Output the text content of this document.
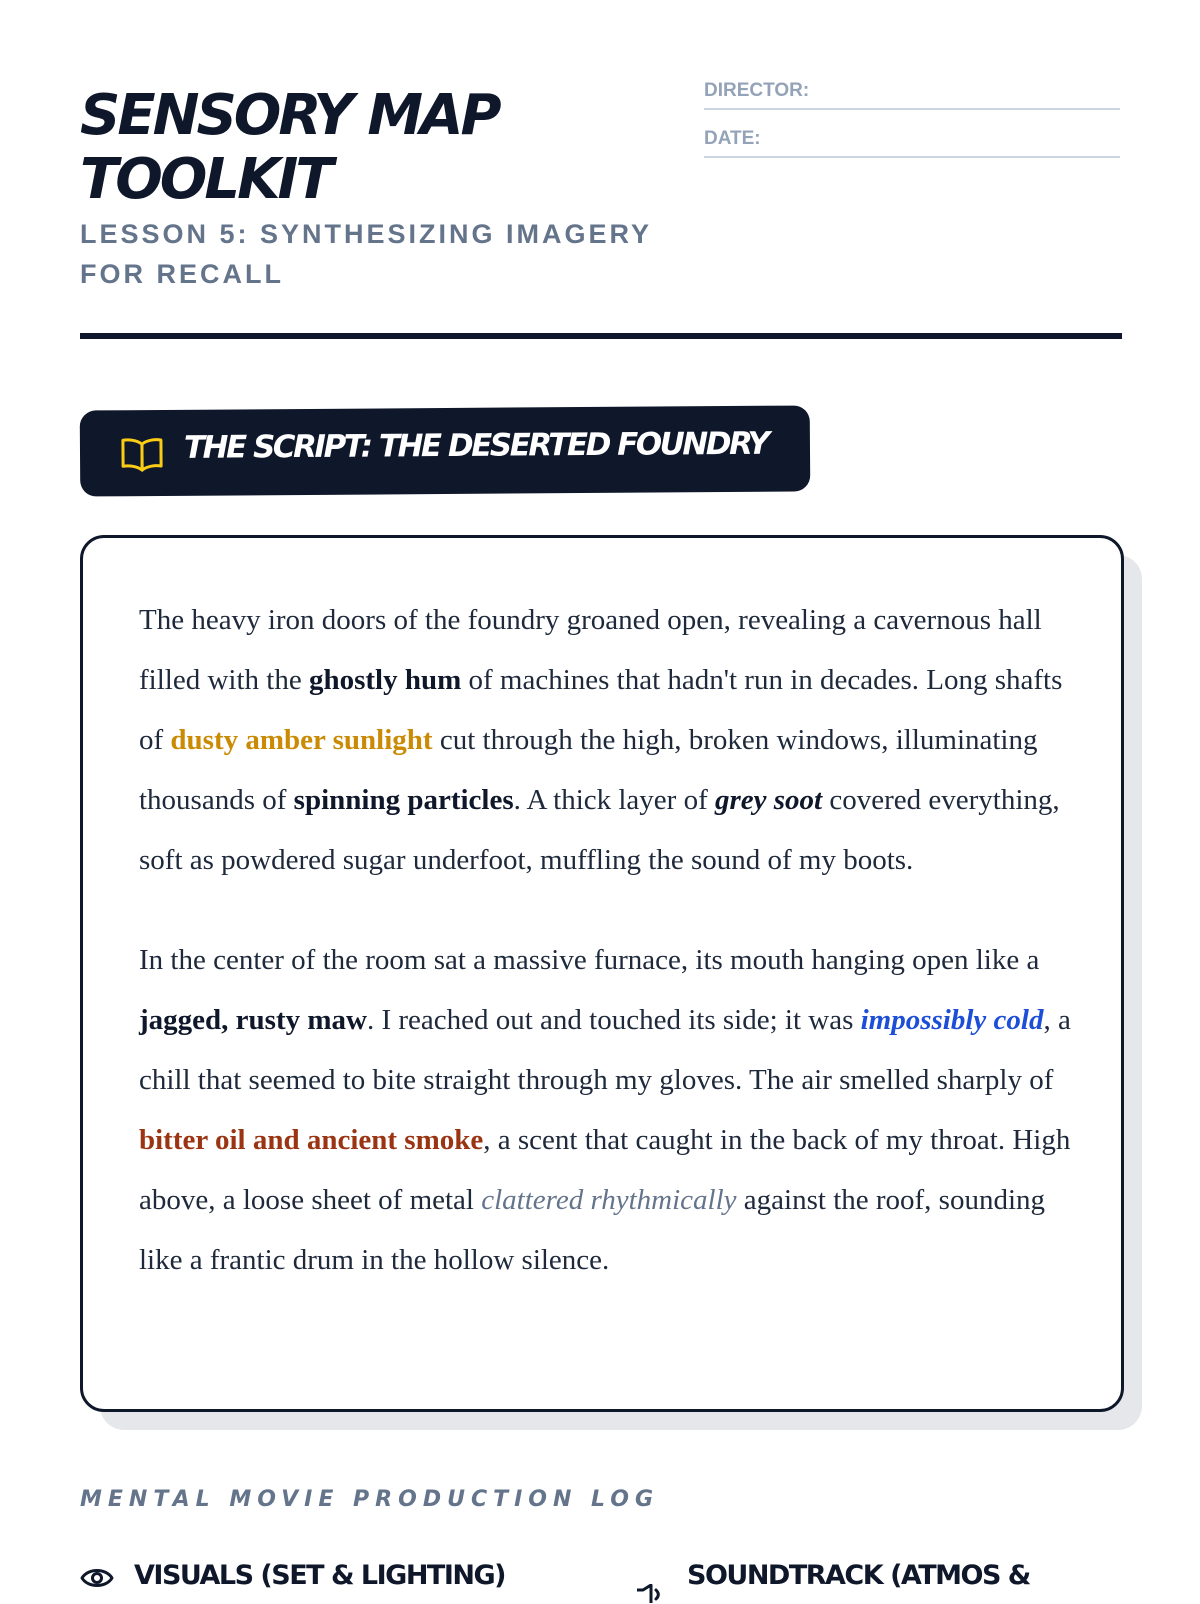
SENSORY MAP
TOOLKIT

LESSON 5: SYNTHESIZING IMAGERY FOR RECALL

DIRECTOR:
DATE:
THE SCRIPT: THE DESERTED FOUNDRY

The heavy iron doors of the foundry groaned open, revealing a cavernous hall filled with the ghostly hum of machines that hadn't run in decades. Long shafts of dusty amber sunlight cut through the high, broken windows, illuminating thousands of spinning particles. A thick layer of grey soot covered everything, soft as powdered sugar underfoot, muffling the sound of my boots.

In the center of the room sat a massive furnace, its mouth hanging open like a jagged, rusty maw. I reached out and touched its side; it was impossibly cold, a chill that seemed to bite straight through my gloves. The air smelled sharply of bitter oil and ancient smoke, a scent that caught in the back of my throat. High above, a loose sheet of metal clattered rhythmically against the roof, sounding like a frantic drum in the hollow silence.

MENTAL MOVIE PRODUCTION LOG
VISUALS (SET & LIGHTING)	SOUNDTRACK (ATMOS &
